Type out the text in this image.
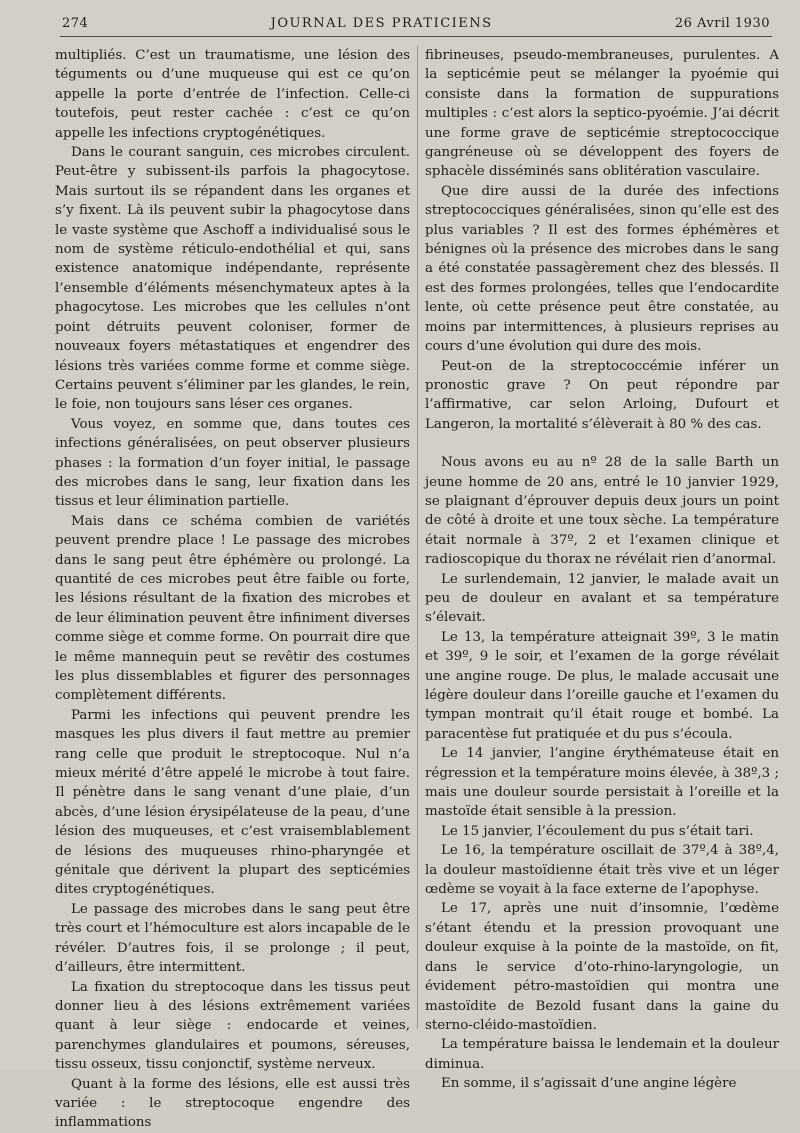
274	JOURNAL DES PRATICIENS	26 Avril 1930

multipliés. C’est un traumatisme, une lésion des téguments ou d’une muqueuse qui est ce qu’on appelle la porte d’entrée de l’infection. Celle-ci toutefois, peut rester cachée : c’est ce qu’on appelle les infections cryptogénétiques.

Dans le courant sanguin, ces microbes circulent. Peut-être y subissent-ils parfois la phagocytose. Mais surtout ils se répandent dans les organes et s’y fixent. Là ils peuvent subir la phagocytose dans le vaste système que Aschoff a individualisé sous le nom de système réticulo-endothélial et qui, sans existence anatomique indépendante, représente l’ensemble d’éléments mésenchymateux aptes à la phagocytose. Les microbes que les cellules n’ont point détruits peuvent coloniser, former de nouveaux foyers métastatiques et engendrer des lésions très variées comme forme et comme siège. Certains peuvent s’éliminer par les glandes, le rein, le foie, non toujours sans léser ces organes.

Vous voyez, en somme que, dans toutes ces infections généralisées, on peut observer plusieurs phases : la formation d’un foyer initial, le passage des microbes dans le sang, leur fixation dans les tissus et leur élimination partielle.

Mais dans ce schéma combien de variétés peuvent prendre place ! Le passage des microbes dans le sang peut être éphémère ou prolongé. La quantité de ces microbes peut être faible ou forte, les lésions résultant de la fixation des microbes et de leur élimination peuvent être infiniment diverses comme siège et comme forme. On pourrait dire que le même mannequin peut se revêtir des costumes les plus dissemblables et figurer des personnages complètement différents.

Parmi les infections qui peuvent prendre les masques les plus divers il faut mettre au premier rang celle que produit le streptocoque. Nul n’a mieux mérité d’être appelé le microbe à tout faire. Il pénètre dans le sang venant d’une plaie, d’un abcès, d’une lésion érysipélateuse de la peau, d’une lésion des muqueuses, et c’est vraisemblablement de lésions des muqueuses rhino-pharyngée et génitale que dérivent la plupart des septicémies dites cryptogénétiques.

Le passage des microbes dans le sang peut être très court et l’hémoculture est alors incapable de le révéler. D’autres fois, il se prolonge ; il peut, d’ailleurs, être intermittent.

La fixation du streptocoque dans les tissus peut donner lieu à des lésions extrêmement variées quant à leur siège : endocarde et veines, parenchymes glandulaires et poumons, séreuses, tissu osseux, tissu conjonctif, système nerveux.

Quant à la forme des lésions, elle est aussi très variée : le streptocoque engendre des inflammations

fibrineuses, pseudo-membraneuses, purulentes. A la septicémie peut se mélanger la pyoémie qui consiste dans la formation de suppurations multiples : c’est alors la septico-pyoémie. J’ai décrit une forme grave de septicémie streptococcique gangréneuse où se développent des foyers de sphacèle disséminés sans oblitération vasculaire.

Que dire aussi de la durée des infections streptococciques généralisées, sinon qu’elle est des plus variables ? Il est des formes éphémères et bénignes où la présence des microbes dans le sang a été constatée passagèrement chez des blessés. Il est des formes prolongées, telles que l’endocardite lente, où cette présence peut être constatée, au moins par intermittences, à plusieurs reprises au cours d’une évolution qui dure des mois.

Peut-on de la streptococcémie inférer un pronostic grave ? On peut répondre par l’affirmative, car selon Arloing, Dufourt et Langeron, la mortalité s’élèverait à 80 % des cas.

Nous avons eu au nº 28 de la salle Barth un jeune homme de 20 ans, entré le 10 janvier 1929, se plaignant d’éprouver depuis deux jours un point de côté à droite et une toux sèche. La température était normale à 37º, 2 et l’examen clinique et radioscopique du thorax ne révélait rien d’anormal.

Le surlendemain, 12 janvier, le malade avait un peu de douleur en avalant et sa température s’élevait.

Le 13, la température atteignait 39º, 3 le matin et 39º, 9 le soir, et l’examen de la gorge révélait une angine rouge. De plus, le malade accusait une légère douleur dans l’oreille gauche et l’examen du tympan montrait qu’il était rouge et bombé. La paracentèse fut pratiquée et du pus s’écoula.

Le 14 janvier, l’angine érythémateuse était en régression et la température moins élevée, à 38º,3 ; mais une douleur sourde persistait à l’oreille et la mastoïde était sensible à la pression.

Le 15 janvier, l’écoulement du pus s’était tari.

Le 16, la température oscillait de 37º,4 à 38º,4, la douleur mastoïdienne était très vive et un léger œdème se voyait à la face externe de l’apophyse.

Le 17, après une nuit d’insomnie, l’œdème s’étant étendu et la pression provoquant une douleur exquise à la pointe de la mastoïde, on fit, dans le service d’oto-rhino-laryngologie, un évidement pétro-mastoïdien qui montra une mastoïdite de Bezold fusant dans la gaine du sterno-cléido-mastoïdien.

La température baissa le lendemain et la douleur diminua.

En somme, il s’agissait d’une angine légère
